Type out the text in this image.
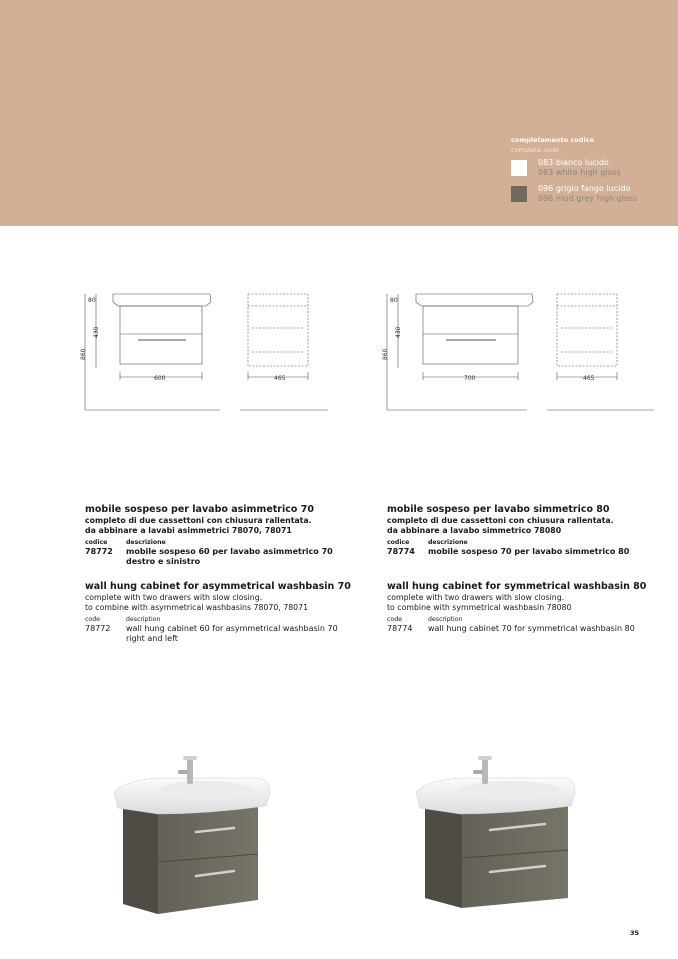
completamento codice
complete code
083 bianco lucido
083 white high gloss
096 grigio fango lucido
096 mud grey high gloss
80
430
860
600	465
80
430
860
700	465
mobile sospeso per lavabo asimmetrico 70
completo di due cassettoni con chiusura rallentata.
da abbinare a lavabi asimmetrici 78070, 78071
codice	descrizione
78772	mobile sospeso 60 per lavabo asimmetrico 70
destro e sinistro
wall hung cabinet for asymmetrical washbasin 70
complete with two drawers with slow closing.
to combine with asymmetrical washbasins 78070, 78071
code	description
78772	wall hung cabinet 60 for asymmetrical washbasin 70
right and left
mobile sospeso per lavabo simmetrico 80
completo di due cassettoni con chiusura rallentata.
da abbinare a lavabo simmetrico 78080
codice	descrizione
78774	mobile sospeso 70 per lavabo simmetrico 80
wall hung cabinet for symmetrical washbasin 80
complete with two drawers with slow closing.
to combine with symmetrical washbasin 78080
code	description
78774	wall hung cabinet 70 for symmetrical washbasin 80
35
